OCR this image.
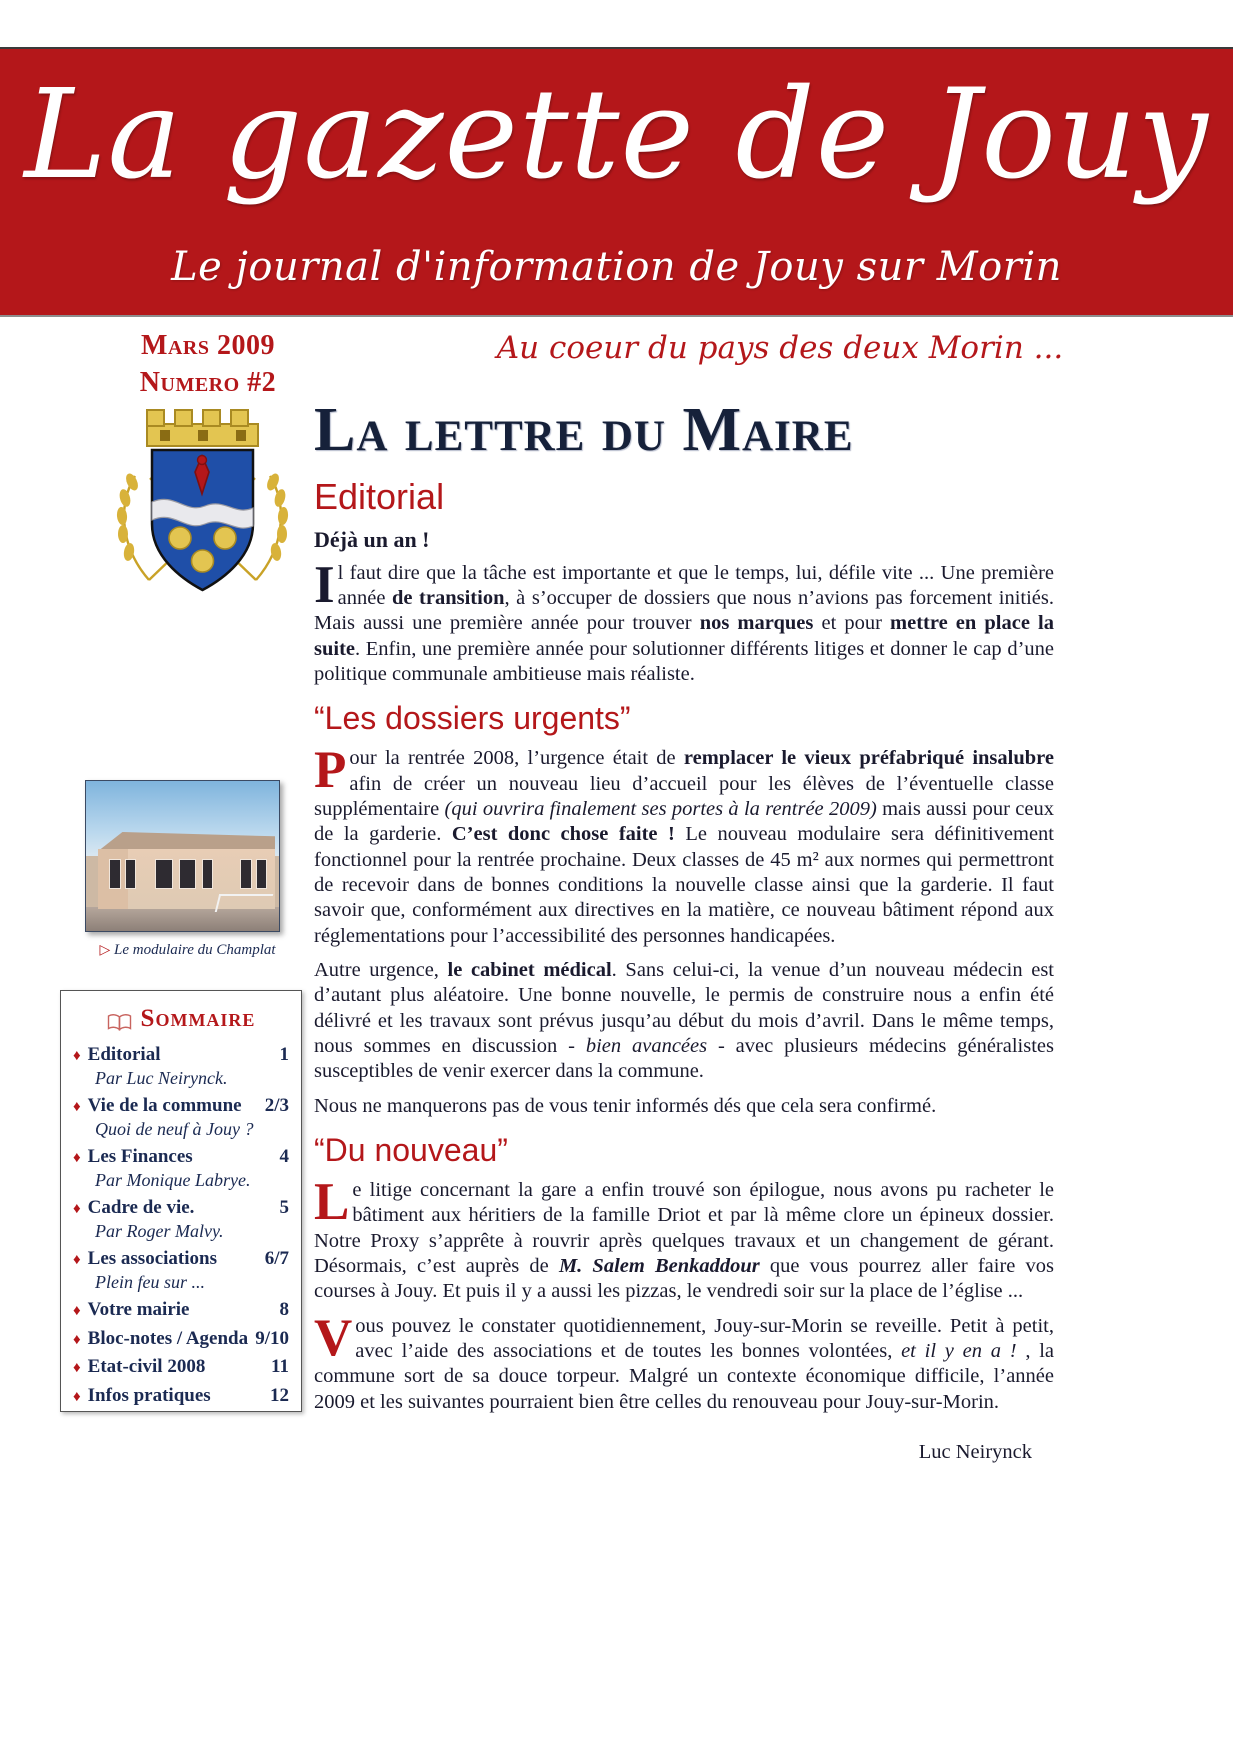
La gazette de Jouy
Le journal d'information de Jouy sur Morin
Mars 2009
Numero #2
Au coeur du pays des deux Morin ...
▷ Le modulaire du Champlat
Sommaire
♦ Editorial	1
Par Luc Neirynck.
♦ Vie de la commune	2/3
Quoi de neuf à Jouy ?
♦ Les Finances	4
Par Monique Labrye.
♦ Cadre de vie.	5
Par Roger Malvy.
♦ Les associations	6/7
Plein feu sur ...
♦ Votre mairie	8
♦ Bloc-notes / Agenda 9/10
♦ Etat-civil 2008	11
♦ Infos pratiques	12
La lettre du Maire
Editorial
Déjà un an !

Il faut dire que la tâche est importante et que le temps, lui, défile vite ... Une première année de transition, à s’occuper de dossiers que nous n’avions pas forcement initiés. Mais aussi une première année pour trouver nos marques et pour mettre en place la suite. Enfin, une première année pour solutionner différents litiges et donner le cap d’une politique communale ambitieuse mais réaliste.

“Les dossiers urgents”

Pour la rentrée 2008, l’urgence était de remplacer le vieux préfabriqué insalubre afin de créer un nouveau lieu d’accueil pour les élèves de l’éventuelle classe supplémentaire (qui ouvrira finalement ses portes à la rentrée 2009) mais aussi pour ceux de la garderie. C’est donc chose faite ! Le nouveau modulaire sera définitivement fonctionnel pour la rentrée prochaine. Deux classes de 45 m² aux normes qui permettront de recevoir dans de bonnes conditions la nouvelle classe ainsi que la garderie. Il faut savoir que, conformément aux directives en la matière, ce nouveau bâtiment répond aux réglementations pour l’accessibilité des personnes handicapées.

Autre urgence, le cabinet médical. Sans celui-ci, la venue d’un nouveau médecin est d’autant plus aléatoire. Une bonne nouvelle, le permis de construire nous a enfin été délivré et les travaux sont prévus jusqu’au début du mois d’avril. Dans le même temps, nous sommes en discussion - bien avancées - avec plusieurs médecins généralistes susceptibles de venir exercer dans la commune.

Nous ne manquerons pas de vous tenir informés dés que cela sera confirmé.

“Du nouveau”

Le litige concernant la gare a enfin trouvé son épilogue, nous avons pu racheter le bâtiment aux héritiers de la famille Driot et par là même clore un épineux dossier. Notre Proxy s’apprête à rouvrir après quelques travaux et un changement de gérant. Désormais, c’est auprès de M. Salem Benkaddour que vous pourrez aller faire vos courses à Jouy. Et puis il y a aussi les pizzas, le vendredi soir sur la place de l’église ...

Vous pouvez le constater quotidiennement, Jouy-sur-Morin se reveille. Petit à petit, avec l’aide des associations et de toutes les bonnes volontées, et il y en a ! , la commune sort de sa douce torpeur. Malgré un contexte économique difficile, l’année 2009 et les suivantes pourraient bien être celles du renouveau pour Jouy-sur-Morin.

Luc Neirynck
